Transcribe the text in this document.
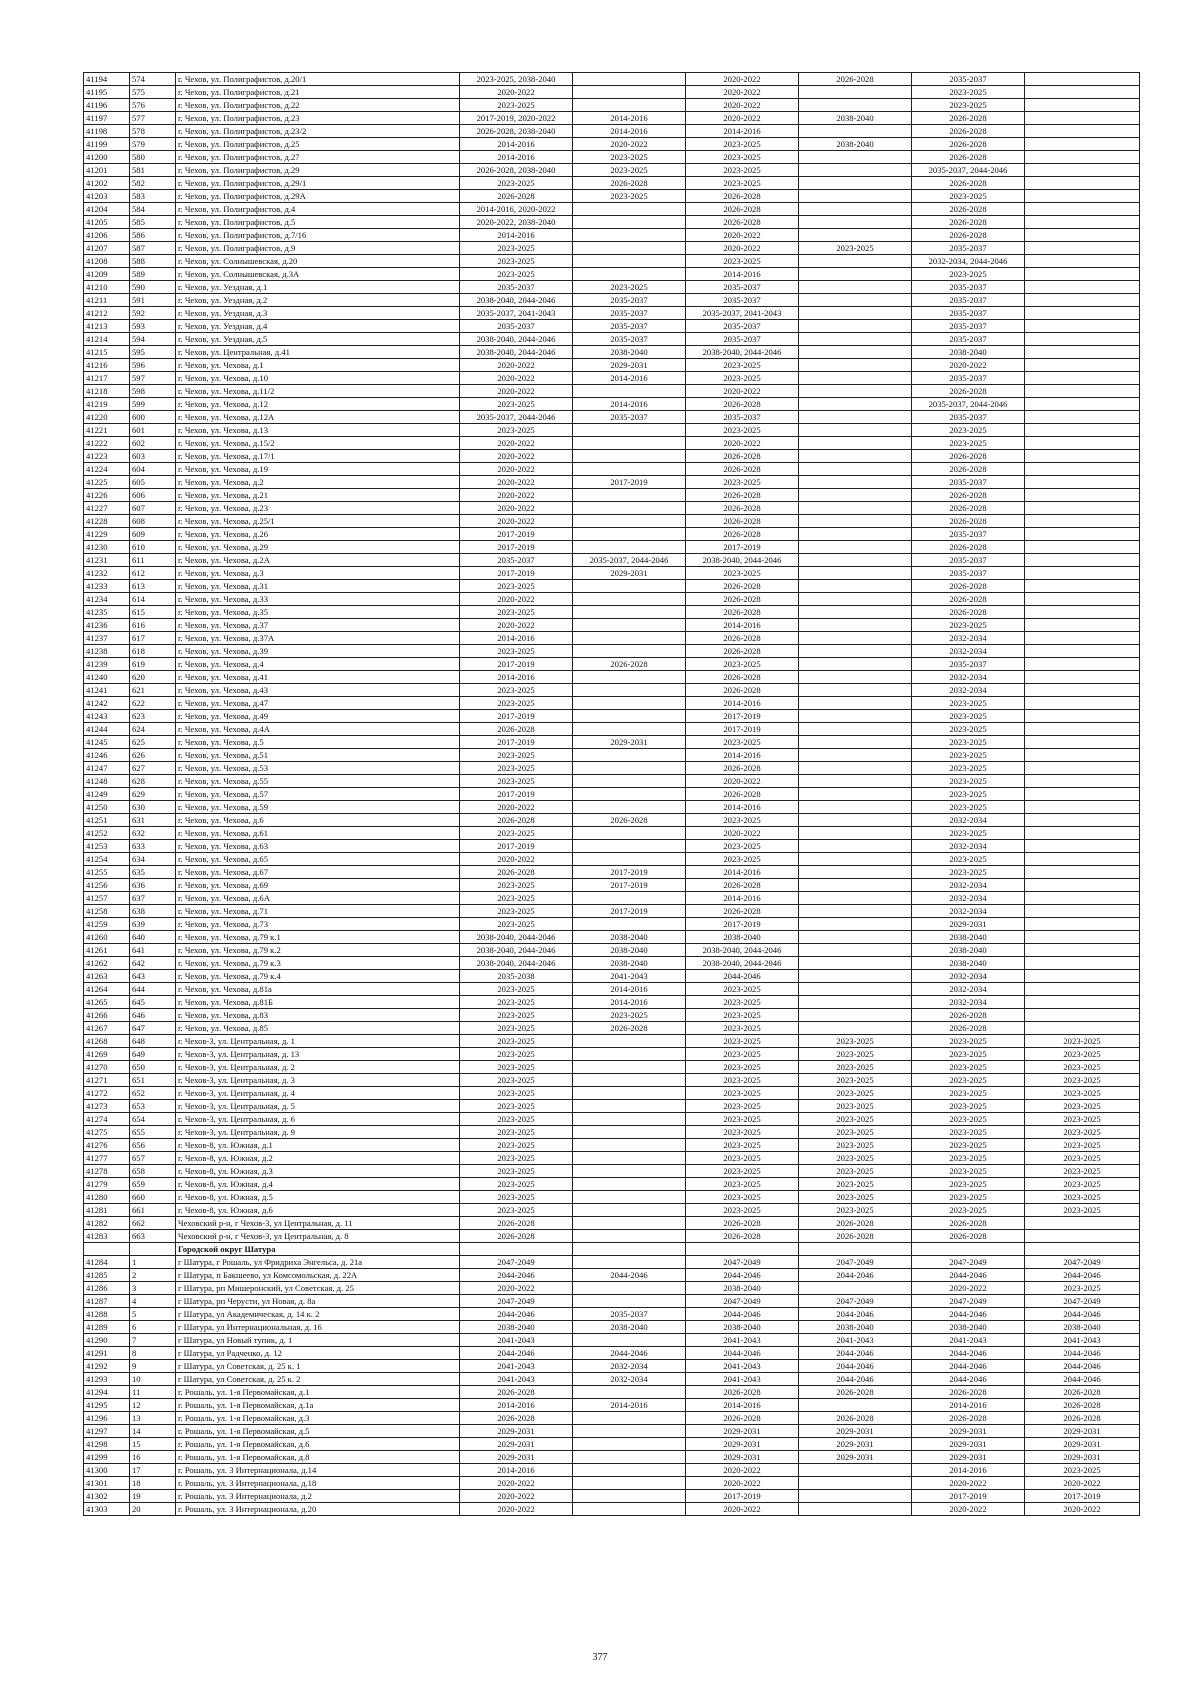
41194	574	г. Чехов, ул. Полиграфистов, д.20/1	2023-2025, 2038-2040		2020-2022	2026-2028	2035-2037	
41195	575	г. Чехов, ул. Полиграфистов, д.21	2020-2022		2020-2022		2023-2025	
41196	576	г. Чехов, ул. Полиграфистов, д.22	2023-2025		2020-2022		2023-2025	
41197	577	г. Чехов, ул. Полиграфистов, д.23	2017-2019, 2020-2022	2014-2016	2020-2022	2038-2040	2026-2028	
41198	578	г. Чехов, ул. Полиграфистов, д.23/2	2026-2028, 2038-2040	2014-2016	2014-2016		2026-2028	
41199	579	г. Чехов, ул. Полиграфистов, д.25	2014-2016	2020-2022	2023-2025	2038-2040	2026-2028	
41200	580	г. Чехов, ул. Полиграфистов, д.27	2014-2016	2023-2025	2023-2025		2026-2028	
41201	581	г. Чехов, ул. Полиграфистов, д.29	2026-2028, 2038-2040	2023-2025	2023-2025		2035-2037, 2044-2046	
41202	582	г. Чехов, ул. Полиграфистов, д.29/1	2023-2025	2026-2028	2023-2025		2026-2028	
41203	583	г. Чехов, ул. Полиграфистов, д.29А	2026-2028	2023-2025	2026-2028		2023-2025	
41204	584	г. Чехов, ул. Полиграфистов, д.4	2014-2016, 2020-2022		2026-2028		2026-2028	
41205	585	г. Чехов, ул. Полиграфистов, д.5	2020-2022, 2038-2040		2026-2028		2026-2028	
41206	586	г. Чехов, ул. Полиграфистов, д.7/16	2014-2016		2020-2022		2026-2028	
41207	587	г. Чехов, ул. Полиграфистов, д.9	2023-2025		2020-2022	2023-2025	2035-2037	
41208	588	г. Чехов, ул. Солнышевская, д.20	2023-2025		2023-2025		2032-2034, 2044-2046	
41209	589	г. Чехов, ул. Солнышевская, д.3А	2023-2025		2014-2016		2023-2025	
41210	590	г. Чехов, ул. Уездная, д.1	2035-2037	2023-2025	2035-2037		2035-2037	
41211	591	г. Чехов, ул. Уездная, д.2	2038-2040, 2044-2046	2035-2037	2035-2037		2035-2037	
41212	592	г. Чехов, ул. Уездная, д.3	2035-2037, 2041-2043	2035-2037	2035-2037, 2041-2043		2035-2037	
41213	593	г. Чехов, ул. Уездная, д.4	2035-2037	2035-2037	2035-2037		2035-2037	
41214	594	г. Чехов, ул. Уездная, д.5	2038-2040, 2044-2046	2035-2037	2035-2037		2035-2037	
41215	595	г. Чехов, ул. Центральная, д.41	2038-2040, 2044-2046	2038-2040	2038-2040, 2044-2046		2038-2040	
41216	596	г. Чехов, ул. Чехова, д.1	2020-2022	2029-2031	2023-2025		2020-2022	
41217	597	г. Чехов, ул. Чехова, д.10	2020-2022	2014-2016	2023-2025		2035-2037	
41218	598	г. Чехов, ул. Чехова, д.11/2	2020-2022		2020-2022		2026-2028	
41219	599	г. Чехов, ул. Чехова, д.12	2023-2025	2014-2016	2026-2028		2035-2037, 2044-2046	
41220	600	г. Чехов, ул. Чехова, д.12А	2035-2037, 2044-2046	2035-2037	2035-2037		2035-2037	
41221	601	г. Чехов, ул. Чехова, д.13	2023-2025		2023-2025		2023-2025	
41222	602	г. Чехов, ул. Чехова, д.15/2	2020-2022		2020-2022		2023-2025	
41223	603	г. Чехов, ул. Чехова, д.17/1	2020-2022		2026-2028		2026-2028	
41224	604	г. Чехов, ул. Чехова, д.19	2020-2022		2026-2028		2026-2028	
41225	605	г. Чехов, ул. Чехова, д.2	2020-2022	2017-2019	2023-2025		2035-2037	
41226	606	г. Чехов, ул. Чехова, д.21	2020-2022		2026-2028		2026-2028	
41227	607	г. Чехов, ул. Чехова, д.23	2020-2022		2026-2028		2026-2028	
41228	608	г. Чехов, ул. Чехова, д.25/1	2020-2022		2026-2028		2026-2028	
41229	609	г. Чехов, ул. Чехова, д.26	2017-2019		2026-2028		2035-2037	
41230	610	г. Чехов, ул. Чехова, д.29	2017-2019		2017-2019		2026-2028	
41231	611	г. Чехов, ул. Чехова, д.2А	2035-2037	2035-2037, 2044-2046	2038-2040, 2044-2046		2035-2037	
41232	612	г. Чехов, ул. Чехова, д.3	2017-2019	2029-2031	2023-2025		2035-2037	
41233	613	г. Чехов, ул. Чехова, д.31	2023-2025		2026-2028		2026-2028	
41234	614	г. Чехов, ул. Чехова, д.33	2020-2022		2026-2028		2026-2028	
41235	615	г. Чехов, ул. Чехова, д.35	2023-2025		2026-2028		2026-2028	
41236	616	г. Чехов, ул. Чехова, д.37	2020-2022		2014-2016		2023-2025	
41237	617	г. Чехов, ул. Чехова, д.37А	2014-2016		2026-2028		2032-2034	
41238	618	г. Чехов, ул. Чехова, д.39	2023-2025		2026-2028		2032-2034	
41239	619	г. Чехов, ул. Чехова, д.4	2017-2019	2026-2028	2023-2025		2035-2037	
41240	620	г. Чехов, ул. Чехова, д.41	2014-2016		2026-2028		2032-2034	
41241	621	г. Чехов, ул. Чехова, д.43	2023-2025		2026-2028		2032-2034	
41242	622	г. Чехов, ул. Чехова, д.47	2023-2025		2014-2016		2023-2025	
41243	623	г. Чехов, ул. Чехова, д.49	2017-2019		2017-2019		2023-2025	
41244	624	г. Чехов, ул. Чехова, д.4А	2026-2028		2017-2019		2023-2025	
41245	625	г. Чехов, ул. Чехова, д.5	2017-2019	2029-2031	2023-2025		2023-2025	
41246	626	г. Чехов, ул. Чехова, д.51	2023-2025		2014-2016		2023-2025	
41247	627	г. Чехов, ул. Чехова, д.53	2023-2025		2026-2028		2023-2025	
41248	628	г. Чехов, ул. Чехова, д.55	2023-2025		2020-2022		2023-2025	
41249	629	г. Чехов, ул. Чехова, д.57	2017-2019		2026-2028		2023-2025	
41250	630	г. Чехов, ул. Чехова, д.59	2020-2022		2014-2016		2023-2025	
41251	631	г. Чехов, ул. Чехова, д.6	2026-2028	2026-2028	2023-2025		2032-2034	
41252	632	г. Чехов, ул. Чехова, д.61	2023-2025		2020-2022		2023-2025	
41253	633	г. Чехов, ул. Чехова, д.63	2017-2019		2023-2025		2032-2034	
41254	634	г. Чехов, ул. Чехова, д.65	2020-2022		2023-2025		2023-2025	
41255	635	г. Чехов, ул. Чехова, д.67	2026-2028	2017-2019	2014-2016		2023-2025	
41256	636	г. Чехов, ул. Чехова, д.69	2023-2025	2017-2019	2026-2028		2032-2034	
41257	637	г. Чехов, ул. Чехова, д.6А	2023-2025		2014-2016		2032-2034	
41258	638	г. Чехов, ул. Чехова, д.71	2023-2025	2017-2019	2026-2028		2032-2034	
41259	639	г. Чехов, ул. Чехова, д.73	2023-2025		2017-2019		2029-2031	
41260	640	г. Чехов, ул. Чехова, д.79 к.1	2038-2040, 2044-2046	2038-2040	2038-2040		2038-2040	
41261	641	г. Чехов, ул. Чехова, д.79 к.2	2038-2040, 2044-2046	2038-2040	2038-2040, 2044-2046		2038-2040	
41262	642	г. Чехов, ул. Чехова, д.79 к.3	2038-2040, 2044-2046	2038-2040	2038-2040, 2044-2046		2038-2040	
41263	643	г. Чехов, ул. Чехова, д.79 к.4	2035-2038	2041-2043	2044-2046		2032-2034	
41264	644	г. Чехов, ул. Чехова, д.81а	2023-2025	2014-2016	2023-2025		2032-2034	
41265	645	г. Чехов, ул. Чехова, д.81Б	2023-2025	2014-2016	2023-2025		2032-2034	
41266	646	г. Чехов, ул. Чехова, д.83	2023-2025	2023-2025	2023-2025		2026-2028	
41267	647	г. Чехов, ул. Чехова, д.85	2023-2025	2026-2028	2023-2025		2026-2028	
41268	648	г. Чехов-3, ул. Центральная, д. 1	2023-2025		2023-2025	2023-2025	2023-2025	2023-2025
41269	649	г. Чехов-3, ул. Центральная, д. 13	2023-2025		2023-2025	2023-2025	2023-2025	2023-2025
41270	650	г. Чехов-3, ул. Центральная, д. 2	2023-2025		2023-2025	2023-2025	2023-2025	2023-2025
41271	651	г. Чехов-3, ул. Центральная, д. 3	2023-2025		2023-2025	2023-2025	2023-2025	2023-2025
41272	652	г. Чехов-3, ул. Центральная, д. 4	2023-2025		2023-2025	2023-2025	2023-2025	2023-2025
41273	653	г. Чехов-3, ул. Центральная, д. 5	2023-2025		2023-2025	2023-2025	2023-2025	2023-2025
41274	654	г. Чехов-3, ул. Центральная, д. 6	2023-2025		2023-2025	2023-2025	2023-2025	2023-2025
41275	655	г. Чехов-3, ул. Центральная, д. 9	2023-2025		2023-2025	2023-2025	2023-2025	2023-2025
41276	656	г. Чехов-8, ул. Южная, д.1	2023-2025		2023-2025	2023-2025	2023-2025	2023-2025
41277	657	г. Чехов-8, ул. Южная, д.2	2023-2025		2023-2025	2023-2025	2023-2025	2023-2025
41278	658	г. Чехов-8, ул. Южная, д.3	2023-2025		2023-2025	2023-2025	2023-2025	2023-2025
41279	659	г. Чехов-8, ул. Южная, д.4	2023-2025		2023-2025	2023-2025	2023-2025	2023-2025
41280	660	г. Чехов-8, ул. Южная, д.5	2023-2025		2023-2025	2023-2025	2023-2025	2023-2025
41281	661	г. Чехов-8, ул. Южная, д.6	2023-2025		2023-2025	2023-2025	2023-2025	2023-2025
41282	662	Чеховский р-н, г Чехов-3, ул Центральная, д. 11	2026-2028		2026-2028	2026-2028	2026-2028	
41283	663	Чеховский р-н, г Чехов-3, ул Центральная, д. 8	2026-2028		2026-2028	2026-2028	2026-2028	
		Городской округ Шатура						
41284	1	г Шатура, г Рошаль, ул Фридриха Энгельса, д. 21а	2047-2049		2047-2049	2047-2049	2047-2049	2047-2049
41285	2	г Шатура, п Бакшеево, ул Комсомольская, д. 22А	2044-2046	2044-2046	2044-2046	2044-2046	2044-2046	2044-2046
41286	3	г Шатура, рп Мишеронский, ул Советская, д. 25	2020-2022		2038-2040		2020-2022	2023-2025
41287	4	г Шатура, рп Черусти, ул Новая, д. 8а	2047-2049		2047-2049	2047-2049	2047-2049	2047-2049
41288	5	г Шатура, ул Академическая, д. 14 к. 2	2044-2046	2035-2037	2044-2046	2044-2046	2044-2046	2044-2046
41289	6	г Шатура, ул Интернациональная, д. 16	2038-2040	2038-2040	2038-2040	2038-2040	2038-2040	2038-2040
41290	7	г Шатура, ул Новый тупик, д. 1	2041-2043		2041-2043	2041-2043	2041-2043	2041-2043
41291	8	г Шатура, ул Радченко, д. 12	2044-2046	2044-2046	2044-2046	2044-2046	2044-2046	2044-2046
41292	9	г Шатура, ул Советская, д. 25 к. 1	2041-2043	2032-2034	2041-2043	2044-2046	2044-2046	2044-2046
41293	10	г Шатура, ул Советская, д. 25 к. 2	2041-2043	2032-2034	2041-2043	2044-2046	2044-2046	2044-2046
41294	11	г. Рошаль, ул. 1-я Первомайская, д.1	2026-2028		2026-2028	2026-2028	2026-2028	2026-2028
41295	12	г. Рошаль, ул. 1-я Первомайская, д.1а	2014-2016	2014-2016	2014-2016		2014-2016	2026-2028
41296	13	г. Рошаль, ул. 1-я Первомайская, д.3	2026-2028		2026-2028	2026-2028	2026-2028	2026-2028
41297	14	г. Рошаль, ул. 1-я Первомайская, д.5	2029-2031		2029-2031	2029-2031	2029-2031	2029-2031
41298	15	г. Рошаль, ул. 1-я Первомайская, д.6	2029-2031		2029-2031	2029-2031	2029-2031	2029-2031
41299	16	г. Рошаль, ул. 1-я Первомайская, д.8	2029-2031		2029-2031	2029-2031	2029-2031	2029-2031
41300	17	г. Рошаль, ул. 3 Интернационала, д.14	2014-2016		2020-2022		2014-2016	2023-2025
41301	18	г. Рошаль, ул. 3 Интернационала, д.18	2020-2022		2020-2022		2020-2022	2020-2022
41302	19	г. Рошаль, ул. 3 Интернационала, д.2	2020-2022		2017-2019		2017-2019	2017-2019
41303	20	г. Рошаль, ул. 3 Интернационала, д.20	2020-2022		2020-2022		2020-2022	2020-2022
377
